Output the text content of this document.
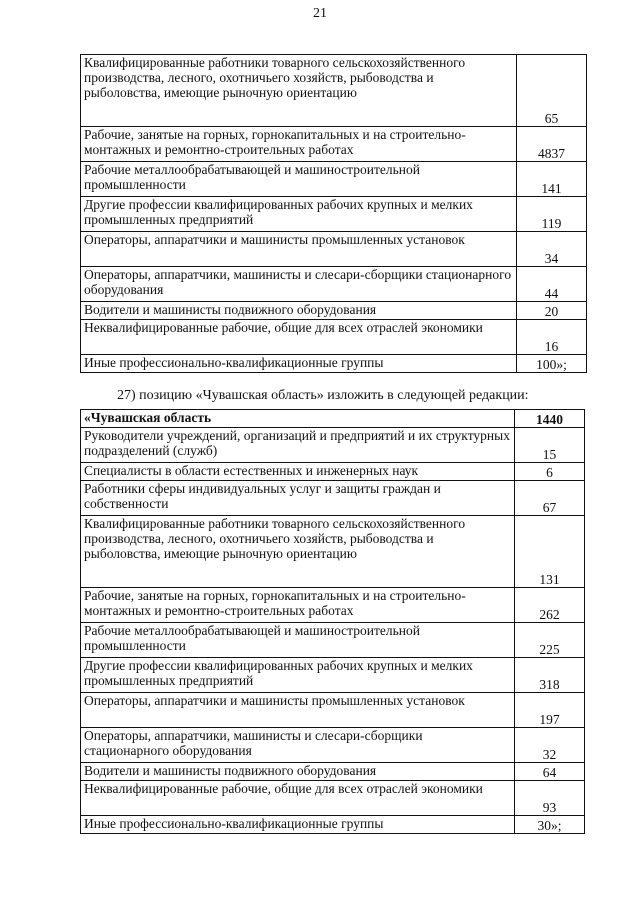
21
Квалифицированные работники товарного сельскохозяйственного производства, лесного, охотничьего хозяйств, рыбоводства и рыболовства, имеющие рыночную ориентацию	65
Рабочие, занятые на горных, горнокапитальных и на строительно-монтажных и ремонтно-строительных работах	4837
Рабочие металлообрабатывающей и машиностроительной промышленности	141
Другие профессии квалифицированных рабочих крупных и мелких промышленных предприятий	119
Операторы, аппаратчики и машинисты промышленных установок	34
Операторы, аппаратчики, машинисты и слесари-сборщики стационарного оборудования	44
Водители и машинисты подвижного оборудования	20
Неквалифицированные рабочие, общие для всех отраслей экономики	16
Иные профессионально-квалификационные группы	100»;
27) позицию «Чувашская область» изложить в следующей редакции:
«Чувашская область	1440
Руководители учреждений, организаций и предприятий и их структурных подразделений (служб)	15
Специалисты в области естественных и инженерных наук	6
Работники сферы индивидуальных услуг и защиты граждан и собственности	67
Квалифицированные работники товарного сельскохозяйственного производства, лесного, охотничьего хозяйств, рыбоводства и рыболовства, имеющие рыночную ориентацию	131
Рабочие, занятые на горных, горнокапитальных и на строительно-монтажных и ремонтно-строительных работах	262
Рабочие металлообрабатывающей и машиностроительной промышленности	225
Другие профессии квалифицированных рабочих крупных и мелких промышленных предприятий	318
Операторы, аппаратчики и машинисты промышленных установок	197
Операторы, аппаратчики, машинисты и слесари-сборщики стационарного оборудования	32
Водители и машинисты подвижного оборудования	64
Неквалифицированные рабочие, общие для всех отраслей экономики	93
Иные профессионально-квалификационные группы	30»;
